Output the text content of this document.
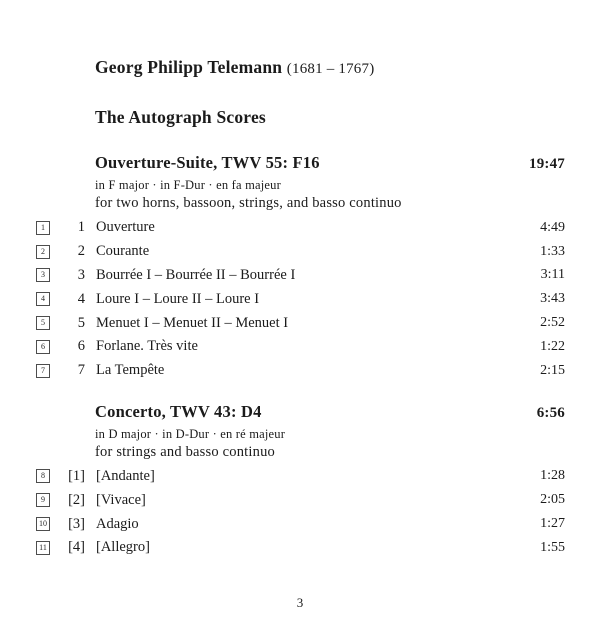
Georg Philipp Telemann (1681 – 1767)
The Autograph Scores
Ouverture-Suite, TWV 55: F16	19:47
in F major · in F-Dur · en fa majeur
for two horns, bassoon, strings, and basso continuo
1	1 Ouverture	4:49
2	2 Courante	1:33
3	3 Bourrée I – Bourrée II – Bourrée I	3:11
4	4 Loure I – Loure II – Loure I	3:43
5	5 Menuet I – Menuet II – Menuet I	2:52
6	6 Forlane. Très vite	1:22
7	7 La Tempête	2:15
Concerto, TWV 43: D4	6:56
in D major · in D-Dur · en ré majeur
for strings and basso continuo
8	[1] [Andante]	1:28
9	[2] [Vivace]	2:05
10	[3] Adagio	1:27
11	[4] [Allegro]	1:55
3
